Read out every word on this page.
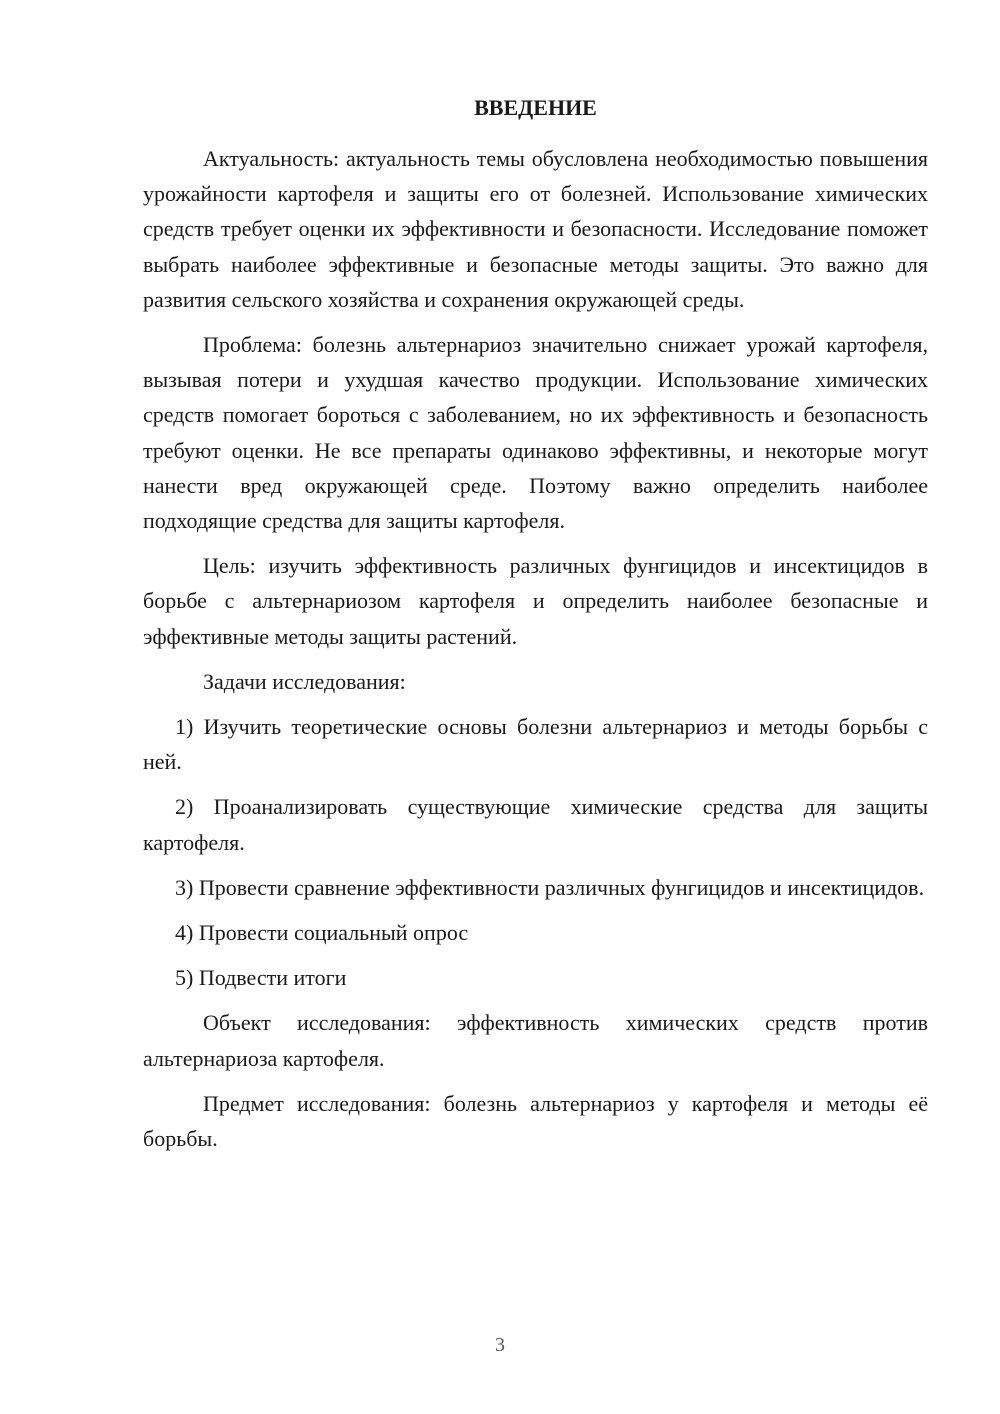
ВВЕДЕНИЕ

Актуальность: актуальность темы обусловлена необходимостью повышения урожайности картофеля и защиты его от болезней. Использование химических средств требует оценки их эффективности и безопасности. Исследование поможет выбрать наиболее эффективные и безопасные методы защиты. Это важно для развития сельского хозяйства и сохранения окружающей среды.

Проблема: болезнь альтернариоз значительно снижает урожай картофеля, вызывая потери и ухудшая качество продукции. Использование химических средств помогает бороться с заболеванием, но их эффективность и безопасность требуют оценки. Не все препараты одинаково эффективны, и некоторые могут нанести вред окружающей среде. Поэтому важно определить наиболее подходящие средства для защиты картофеля.

Цель: изучить эффективность различных фунгицидов и инсектицидов в борьбе с альтернариозом картофеля и определить наиболее безопасные и эффективные методы защиты растений.

Задачи исследования:

1) Изучить теоретические основы болезни альтернариоз и методы борьбы с ней.

2) Проанализировать существующие химические средства для защиты картофеля.

3) Провести сравнение эффективности различных фунгицидов и инсектицидов.

4) Провести социальный опрос

5) Подвести итоги

Объект исследования: эффективность химических средств против альтернариоза картофеля.

Предмет исследования: болезнь альтернариоз у картофеля и методы её борьбы.

3
